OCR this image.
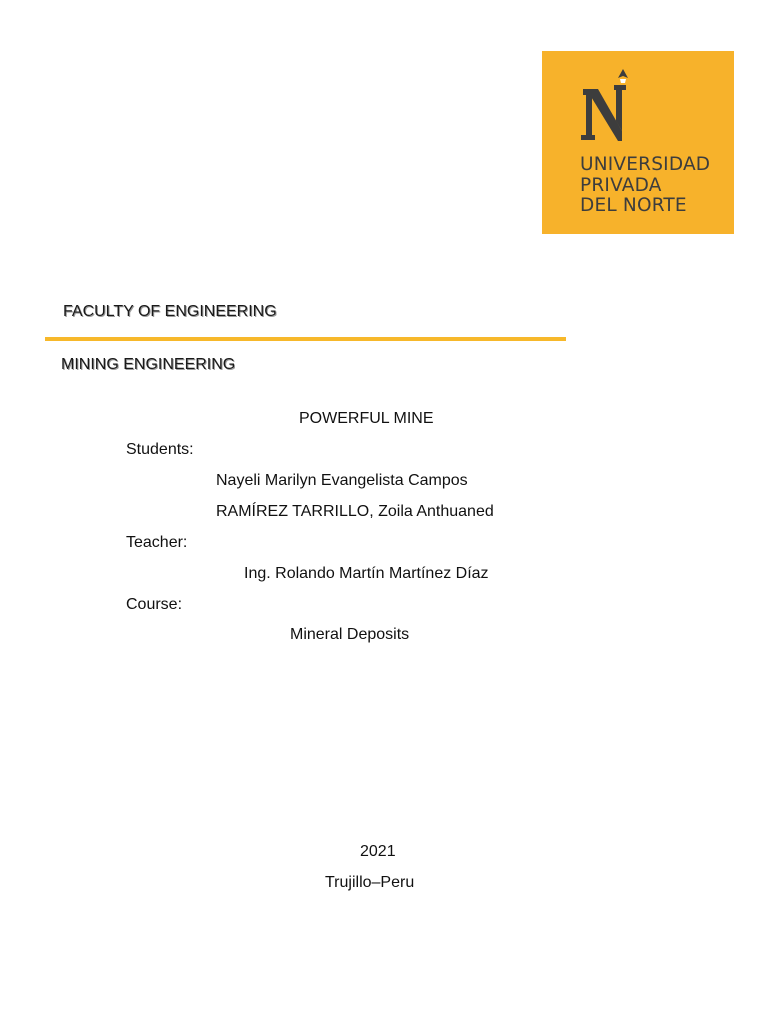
UNIVERSIDAD
PRIVADA
DEL NORTE
FACULTY OF ENGINEERING
MINING ENGINEERING
POWERFUL MINE
Students:
Nayeli Marilyn Evangelista Campos
RAMÍREZ TARRILLO, Zoila Anthuaned
Teacher:
Ing. Rolando Martín Martínez Díaz
Course:
Mineral Deposits
2021
Trujillo–Peru
